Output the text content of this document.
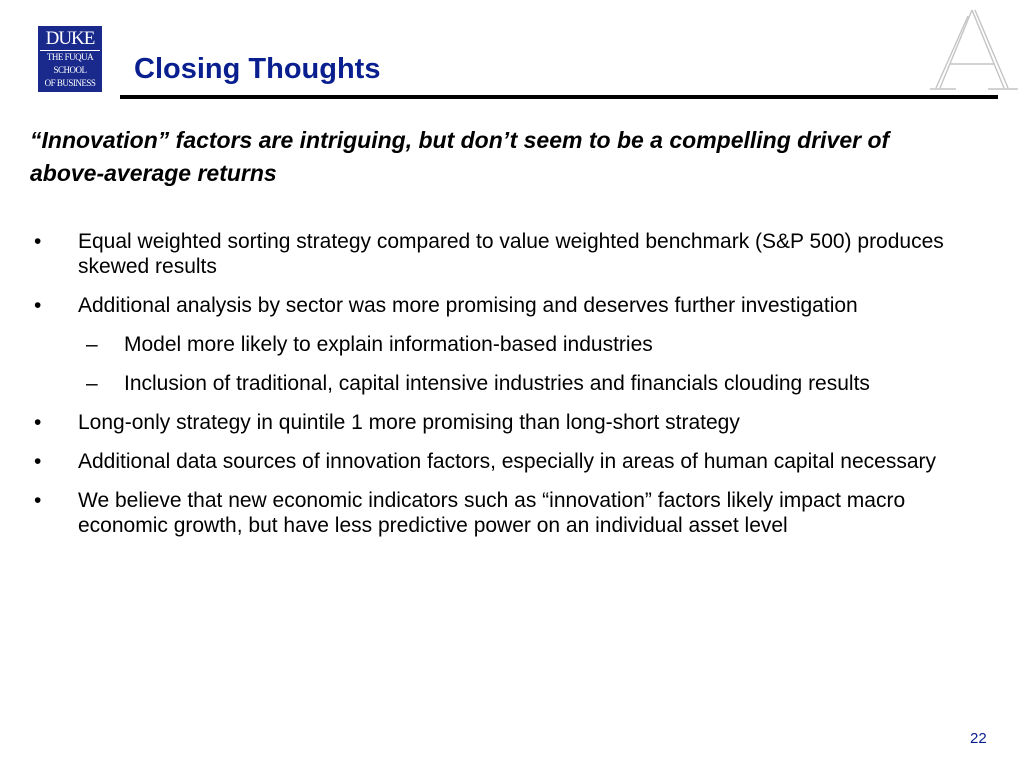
DUKE
THE FUQUA
SCHOOL
OF BUSINESS Closing Thoughts
“Innovation” factors are intriguing, but don’t seem to be a compelling driver of above-average returns
• Equal weighted sorting strategy compared to value weighted benchmark (S&P 500) produces skewed results
• Additional analysis by sector was more promising and deserves further investigation
– Model more likely to explain information-based industries
– Inclusion of traditional, capital intensive industries and financials clouding results
• Long-only strategy in quintile 1 more promising than long-short strategy
• Additional data sources of innovation factors, especially in areas of human capital necessary
• We believe that new economic indicators such as “innovation” factors likely impact macro economic growth, but have less predictive power on an individual asset level
22
